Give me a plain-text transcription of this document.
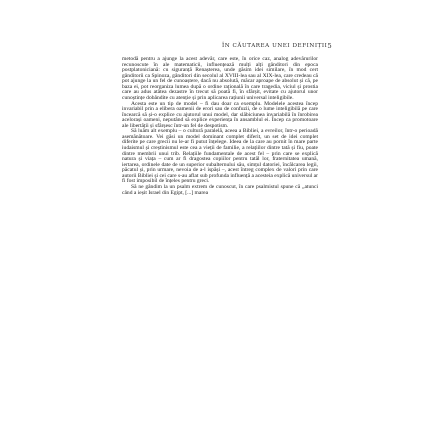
ÎN CĂUTAREA UNEI DEFINIȚII 5

metodă pentru a ajunge la acest adevăr, care este, în orice caz, analog adevărurilor recunoscute în ale matematicii, influențează mulți alți gânditori din epoca postplatoniciană: cu siguranță Renașterea, unde găsim idei similare, în mod cert gânditorii ca Spinoza, gânditori din secolul al XVIII-lea sau al XIX-lea, care credeau că pot ajunge la un fel de cunoaștere, dacă nu absolută, măcar aproape de absolut și că, pe baza ei, pot reorganiza lumea după o ordine rațională în care tragedia, viciul și prostia care au adus atâtea dezastre în trecut să poată fi, în sfârșit, evitate cu ajutorul unor cunoștințe dobândite cu atenție și prin aplicarea rațiunii universal inteligibile.

Acesta este un tip de model – fi dau doar ca exemplu. Modelele acestea încep invariabil prin a elibera oamenii de erori sau de confuzii, de o lume inteligibilă pe care încearcă să și-o explice cu ajutorul unui model, dar slăbiciunea invariabilă în înrobirea acelorași oameni, neputând să explice experiența în ansamblul ei. Încep ca promotoare ale libertății și sfârșesc într-un fel de despotism.

Să luăm alt exemplu – o cultură paralelă, aceea a Bibliei, a evreilor, într-o perioadă asemănătoare. Vei găsi un model dominant complet diferit, un set de idei complet diferite pe care grecii nu le-ar fi putut înțelege. Ideea de la care au pornit în mare parte iudaismul și creștinismul este cea a vieții de familie, a relațiilor dintre tată și fiu, poate dintre membrii unui trib. Relațiile fundamentale de acest fel – prin care se explică natura și viața – cum ar fi dragostea copiilor pentru tatăl lor, fraternitatea umană, iertarea, ordinele date de un superior subalternului său, simțul datoriei, încălcarea legii, păcatul și, prin urmare, nevoia de a-l ispăși –, acest întreg complex de valori prin care autorii Bibliei și cei care s-au aflat sub profunda influență a acesteia explică universul ar fi fost imposibil de înțeles pentru greci.

Să ne gândim la un psalm extrem de cunoscut, în care psalmistul spune că „atunci când a ieșit Israel din Egipt, [...] marea
